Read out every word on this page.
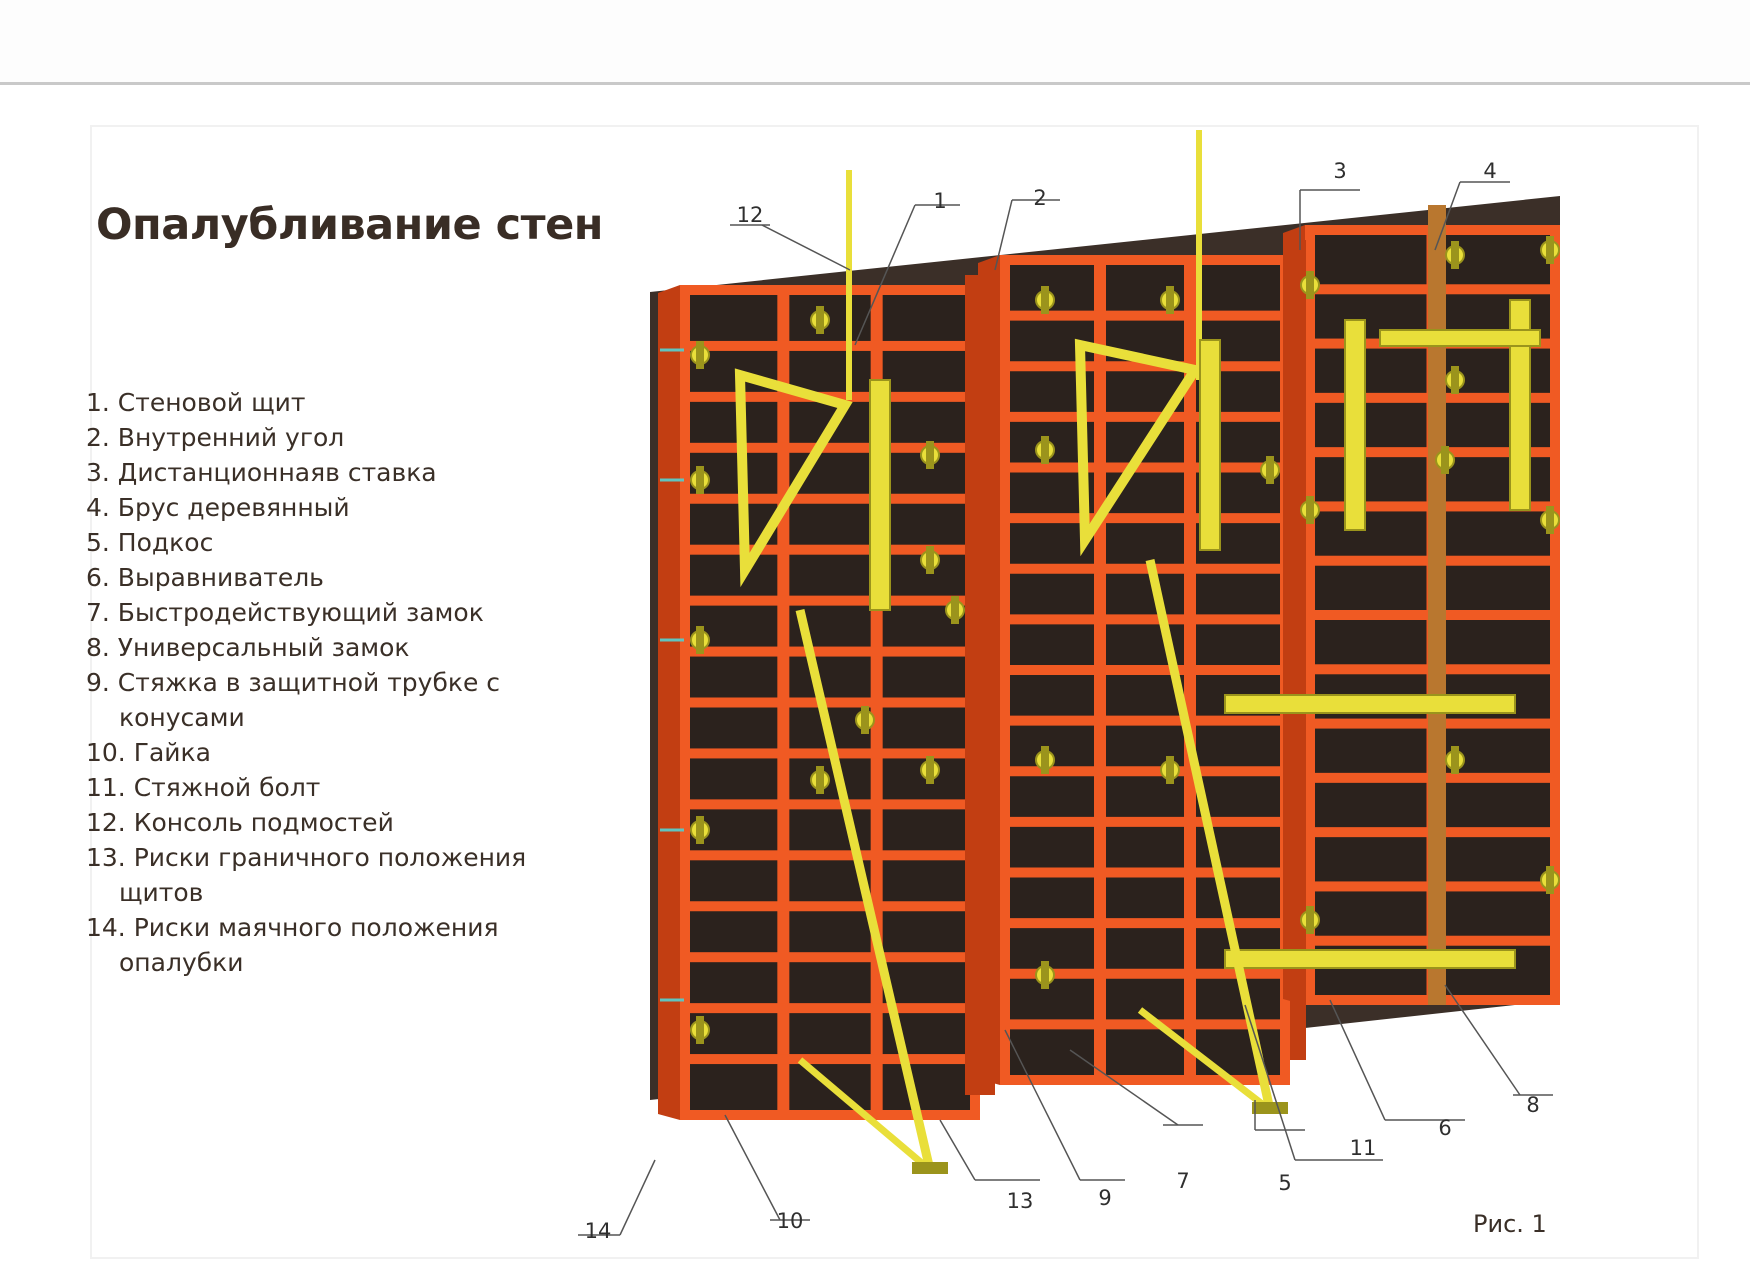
Опалубливание стен
1. Стеновой щит
2. Внутренний угол
3. Дистанционнаяв ставка
4. Брус деревянный
5. Подкос
6. Выравниватель
7. Быстродействующий замок
8. Универсальный замок
9. Стяжка в защитной трубке с конусами
10. Гайка
11. Стяжной болт
12. Консоль подмостей
13. Риски граничного положения щитов
14. Риски маячного положения опалубки
1	2
3	4
5
6
7
8
9
10
11
12
13
14	Рис. 1
